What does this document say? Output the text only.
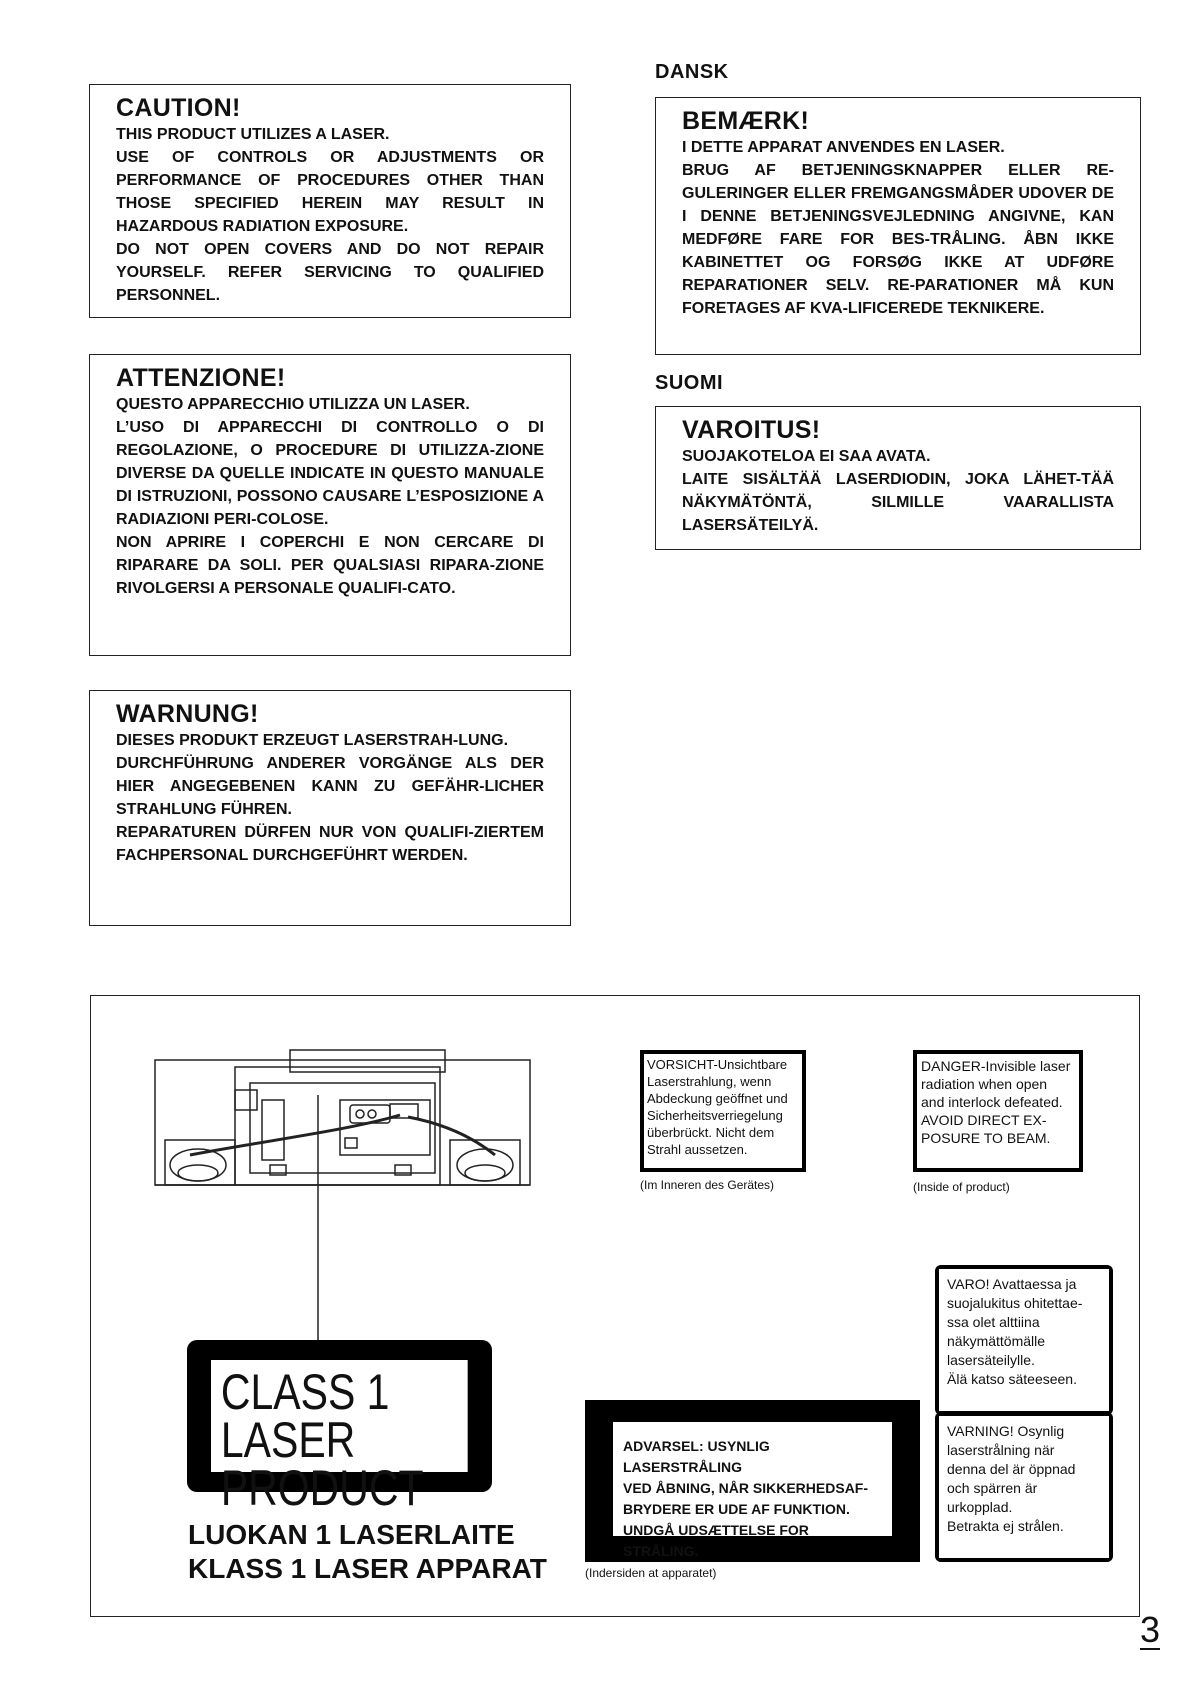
CAUTION!

THIS PRODUCT UTILIZES A LASER.

USE OF CONTROLS OR ADJUSTMENTS OR PERFORMANCE OF PROCEDURES OTHER THAN THOSE SPECIFIED HEREIN MAY RESULT IN HAZARDOUS RADIATION EXPOSURE.

DO NOT OPEN COVERS AND DO NOT REPAIR YOURSELF. REFER SERVICING TO QUALIFIED PERSONNEL.

ATTENZIONE!

QUESTO APPARECCHIO UTILIZZA UN LASER.

L’USO DI APPARECCHI DI CONTROLLO O DI REGOLAZIONE, O PROCEDURE DI UTILIZZA-ZIONE DIVERSE DA QUELLE INDICATE IN QUESTO MANUALE DI ISTRUZIONI, POSSONO CAUSARE L’ESPOSIZIONE A RADIAZIONI PERI-COLOSE.

NON APRIRE I COPERCHI E NON CERCARE DI RIPARARE DA SOLI. PER QUALSIASI RIPARA-ZIONE RIVOLGERSI A PERSONALE QUALIFI-CATO.

WARNUNG!

DIESES PRODUKT ERZEUGT LASERSTRAH-LUNG.

DURCHFÜHRUNG ANDERER VORGÄNGE ALS DER HIER ANGEGEBENEN KANN ZU GEFÄHR-LICHER STRAHLUNG FÜHREN.

REPARATUREN DÜRFEN NUR VON QUALIFI-ZIERTEM FACHPERSONAL DURCHGEFÜHRT WERDEN.

DANSK
BEMÆRK!

I DETTE APPARAT ANVENDES EN LASER.

BRUG AF BETJENINGSKNAPPER ELLER RE-GULERINGER ELLER FREMGANGSMÅDER UDOVER DE I DENNE BETJENINGSVEJLEDNING ANGIVNE, KAN MEDFØRE FARE FOR BES-TRÅLING. ÅBN IKKE KABINETTET OG FORSØG IKKE AT UDFØRE REPARATIONER SELV. RE-PARATIONER MÅ KUN FORETAGES AF KVA-LIFICEREDE TEKNIKERE.

SUOMI
VAROITUS!

SUOJAKOTELOA EI SAA AVATA.

LAITE SISÄLTÄÄ LASERDIODIN, JOKA LÄHET-TÄÄ NÄKYMÄTÖNTÄ, SILMILLE VAARALLISTA LASERSÄTEILYÄ.

CLASS 1
LASER PRODUCT
LUOKAN 1 LASERLAITE
KLASS 1 LASER APPARAT
VORSICHT-Unsichtbare
Laserstrahlung, wenn
Abdeckung geöffnet und
Sicherheitsverriegelung
überbrückt. Nicht dem
Strahl aussetzen.
(Im Inneren des Gerätes)
DANGER-Invisible laser
radiation when open
and interlock defeated.
AVOID DIRECT EX-
POSURE TO BEAM.
(Inside of product)
VARO! Avattaessa ja
suojalukitus ohitettae-
ssa olet alttiina
näkymättömälle
lasersäteilylle.
Älä katso säteeseen.
VARNING! Osynlig
laserstrålning när
denna del är öppnad
och spärren är
urkopplad.
Betrakta ej strålen.
ADVARSEL: USYNLIG LASERSTRÅLING
VED ÅBNING, NÅR SIKKERHEDSAF-
BRYDERE ER UDE AF FUNKTION.
UNDGÅ UDSÆTTELSE FOR STRÅLING.
(Indersiden at apparatet)
3
